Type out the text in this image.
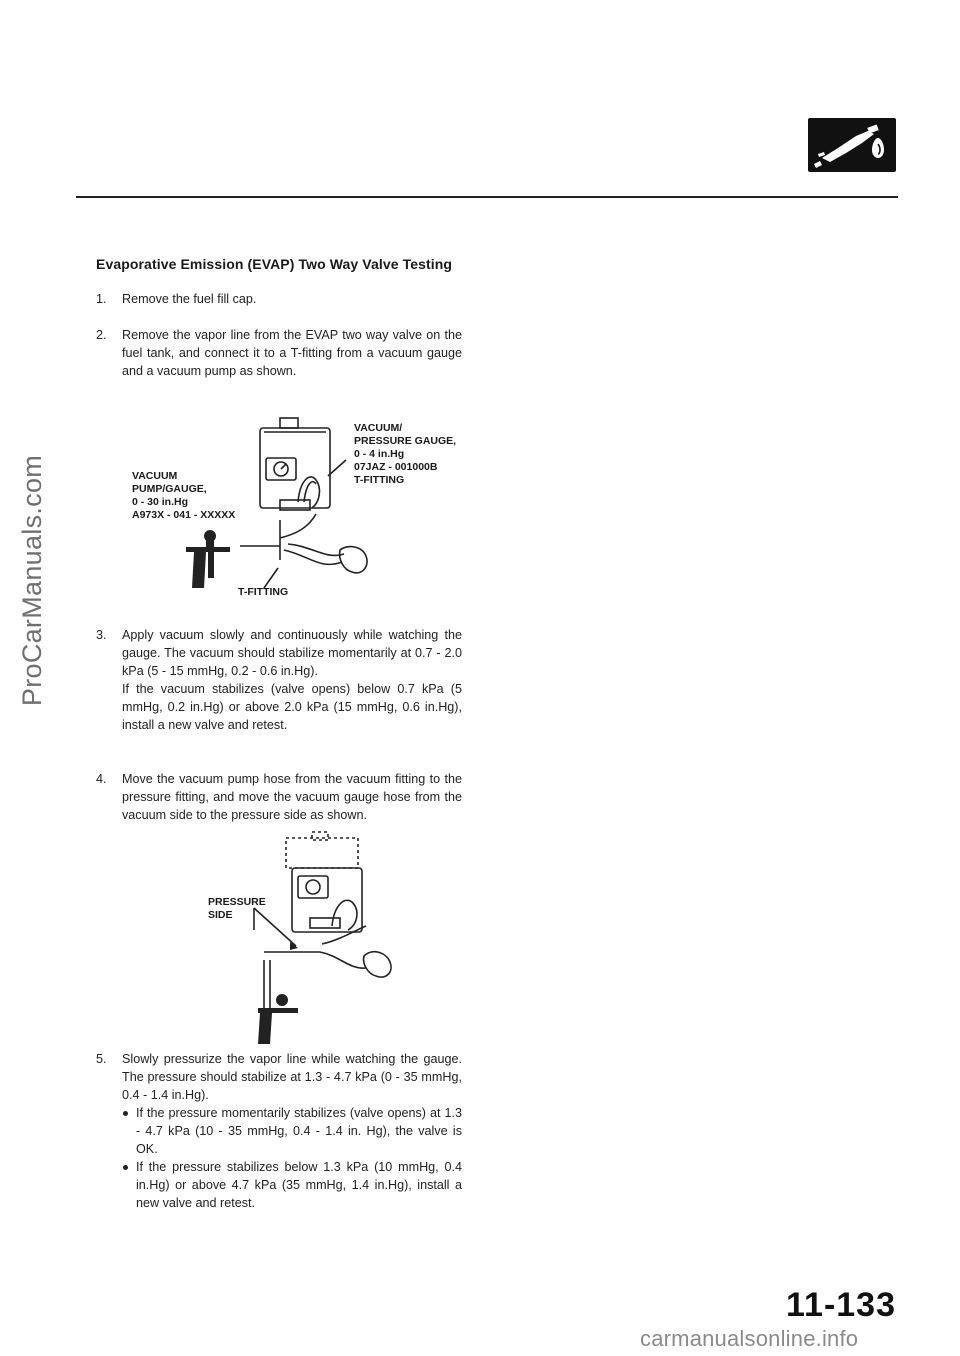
ProCarManuals.com
Evaporative Emission (EVAP) Two Way Valve Testing
1.	Remove the fuel fill cap.

2.	Remove the vapor line from the EVAP two way valve on the fuel tank, and connect it to a T-fitting from a vacuum gauge and a vacuum pump as shown.

VACUUM/
PRESSURE GAUGE,
0 - 4 in.Hg
07JAZ - 001000B
T-FITTING
VACUUM
PUMP/GAUGE,
0 - 30 in.Hg
A973X - 041 - XXXXX
T-FITTING
3.	Apply vacuum slowly and continuously while watching the gauge. The vacuum should stabilize momentarily at 0.7 - 2.0 kPa (5 - 15 mmHg, 0.2 - 0.6 in.Hg).

If the vacuum stabilizes (valve opens) below 0.7 kPa (5 mmHg, 0.2 in.Hg) or above 2.0 kPa (15 mmHg, 0.6 in.Hg), install a new valve and retest.

4.	Move the vacuum pump hose from the vacuum fitting to the pressure fitting, and move the vacuum gauge hose from the vacuum side to the pressure side as shown.

PRESSURE
SIDE
5.	Slowly pressurize the vapor line while watching the gauge. The pressure should stabilize at 1.3 - 4.7 kPa (0 - 35 mmHg, 0.4 - 1.4 in.Hg).

If the pressure momentarily stabilizes (valve opens) at 1.3 - 4.7 kPa (10 - 35 mmHg, 0.4 - 1.4 in. Hg), the valve is OK.

If the pressure stabilizes below 1.3 kPa (10 mmHg, 0.4 in.Hg) or above 4.7 kPa (35 mmHg, 1.4 in.Hg), install a new valve and retest.

11-133
carmanualsonline.info
